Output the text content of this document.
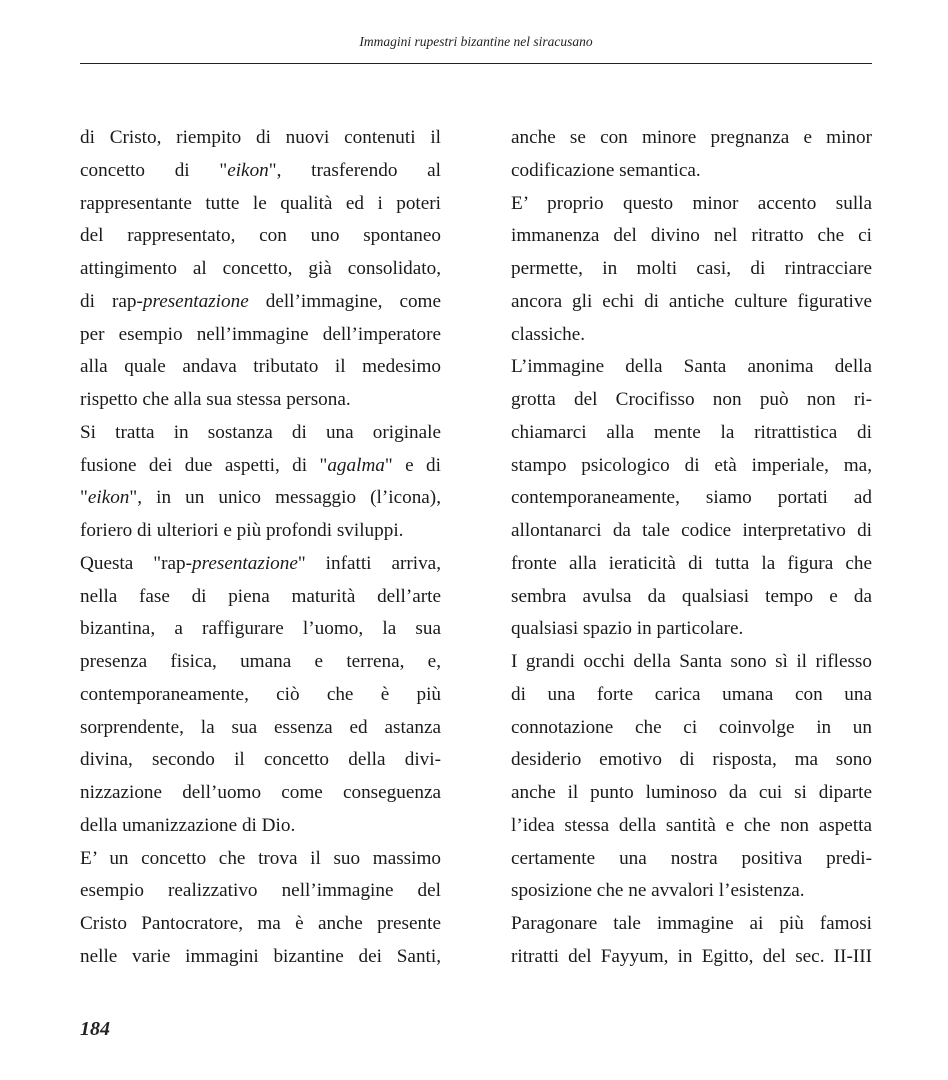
Immagini rupestri bizantine nel siracusano
di Cristo, riempito di nuovi contenuti il
concetto di "eikon", trasferendo al
rappresentante tutte le qualità ed i poteri
del rappresentato, con uno spontaneo
attingimento al concetto, già consolidato,
di rap-presentazione dell’immagine, come
per esempio nell’immagine dell’imperatore
alla quale andava tributato il medesimo
rispetto che alla sua stessa persona.
Si tratta in sostanza di una originale
fusione dei due aspetti, di "agalma" e di
"eikon", in un unico messaggio (l’icona),
foriero di ulteriori e più profondi sviluppi.
Questa "rap-presentazione" infatti arriva,
nella fase di piena maturità dell’arte
bizantina, a raffigurare l’uomo, la sua
presenza fisica, umana e terrena, e,
contemporaneamente, ciò che è più
sorprendente, la sua essenza ed astanza
divina, secondo il concetto della divi-
nizzazione dell’uomo come conseguenza
della umanizzazione di Dio.
E’ un concetto che trova il suo massimo
esempio realizzativo nell’immagine del
Cristo Pantocratore, ma è anche presente
nelle varie immagini bizantine dei Santi,
anche se con minore pregnanza e minor
codificazione semantica.
E’ proprio questo minor accento sulla
immanenza del divino nel ritratto che ci
permette, in molti casi, di rintracciare
ancora gli echi di antiche culture figurative
classiche.
L’immagine della Santa anonima della
grotta del Crocifisso non può non ri-
chiamarci alla mente la ritrattistica di
stampo psicologico di età imperiale, ma,
contemporaneamente, siamo portati ad
allontanarci da tale codice interpretativo di
fronte alla ieraticità di tutta la figura che
sembra avulsa da qualsiasi tempo e da
qualsiasi spazio in particolare.
I grandi occhi della Santa sono sì il riflesso
di una forte carica umana con una
connotazione che ci coinvolge in un
desiderio emotivo di risposta, ma sono
anche il punto luminoso da cui si diparte
l’idea stessa della santità e che non aspetta
certamente una nostra positiva predi-
sposizione che ne avvalori l’esistenza.
Paragonare tale immagine ai più famosi
ritratti del Fayyum, in Egitto, del sec. II-III
184
